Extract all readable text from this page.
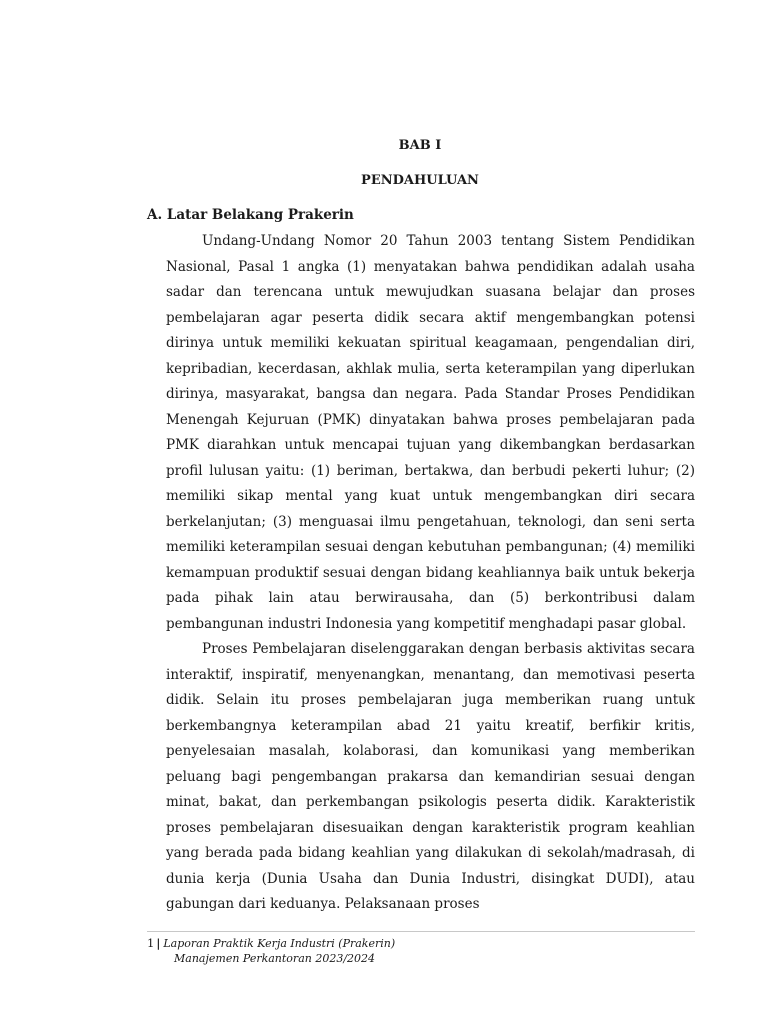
BAB I
PENDAHULUAN
A. Latar Belakang Prakerin

Undang-Undang Nomor 20 Tahun 2003 tentang Sistem Pendidikan Nasional, Pasal 1 angka (1) menyatakan bahwa pendidikan adalah usaha sadar dan terencana untuk mewujudkan suasana belajar dan proses pembelajaran agar peserta didik secara aktif mengembangkan potensi dirinya untuk memiliki kekuatan spiritual keagamaan, pengendalian diri, kepribadian, kecerdasan, akhlak mulia, serta keterampilan yang diperlukan dirinya, masyarakat, bangsa dan negara. Pada Standar Proses Pendidikan Menengah Kejuruan (PMK) dinyatakan bahwa proses pembelajaran pada PMK diarahkan untuk mencapai tujuan yang dikembangkan berdasarkan profil lulusan yaitu: (1) beriman, bertakwa, dan berbudi pekerti luhur; (2) memiliki sikap mental yang kuat untuk mengembangkan diri secara berkelanjutan; (3) menguasai ilmu pengetahuan, teknologi, dan seni serta memiliki keterampilan sesuai dengan kebutuhan pembangunan; (4) memiliki kemampuan produktif sesuai dengan bidang keahliannya baik untuk bekerja pada pihak lain atau berwirausaha, dan (5) berkontribusi dalam pembangunan industri Indonesia yang kompetitif menghadapi pasar global.

Proses Pembelajaran diselenggarakan dengan berbasis aktivitas secara interaktif, inspiratif, menyenangkan, menantang, dan memotivasi peserta didik. Selain itu proses pembelajaran juga memberikan ruang untuk berkembangnya keterampilan abad 21 yaitu kreatif, berfikir kritis, penyelesaian masalah, kolaborasi, dan komunikasi yang memberikan peluang bagi pengembangan prakarsa dan kemandirian sesuai dengan minat, bakat, dan perkembangan psikologis peserta didik. Karakteristik proses pembelajaran disesuaikan dengan karakteristik program keahlian yang berada pada bidang keahlian yang dilakukan di sekolah/madrasah, di dunia kerja (Dunia Usaha dan Dunia Industri, disingkat DUDI), atau gabungan dari keduanya. Pelaksanaan proses

1 | Laporan Praktik Kerja Industri (Prakerin)
Manajemen Perkantoran 2023/2024
